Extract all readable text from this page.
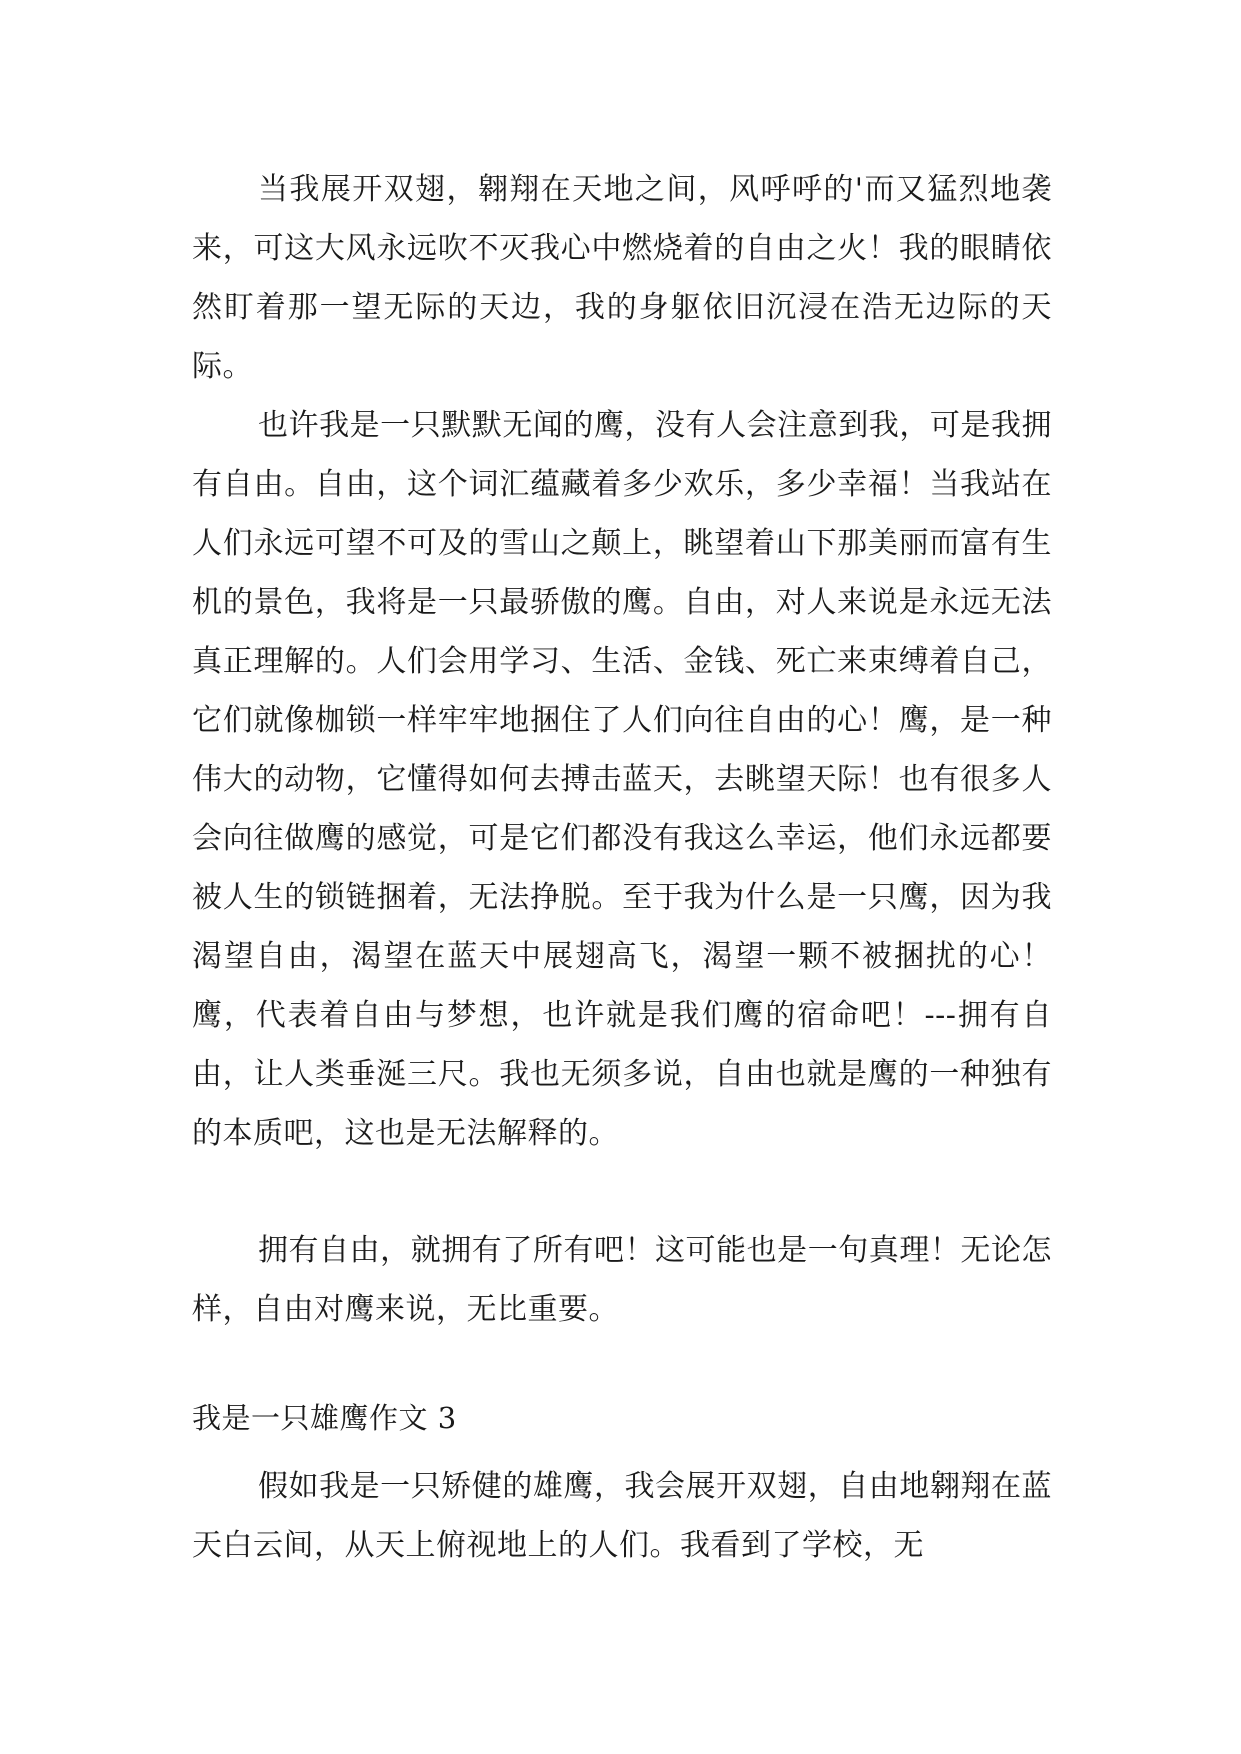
当我展开双翅，翱翔在天地之间，风呼呼的'而又猛烈地袭来，可这大风永远吹不灭我心中燃烧着的自由之火！我的眼睛依然盯着那一望无际的天边，我的身躯依旧沉浸在浩无边际的天际。

也许我是一只默默无闻的鹰，没有人会注意到我，可是我拥有自由。自由，这个词汇蕴藏着多少欢乐，多少幸福！当我站在人们永远可望不可及的雪山之颠上，眺望着山下那美丽而富有生机的景色，我将是一只最骄傲的鹰。自由，对人来说是永远无法真正理解的。人们会用学习、生活、金钱、死亡来束缚着自己，它们就像枷锁一样牢牢地捆住了人们向往自由的心！鹰，是一种伟大的动物，它懂得如何去搏击蓝天，去眺望天际！也有很多人会向往做鹰的感觉，可是它们都没有我这么幸运，他们永远都要被人生的锁链捆着，无法挣脱。至于我为什么是一只鹰，因为我渴望自由，渴望在蓝天中展翅高飞，渴望一颗不被捆扰的心！鹰，代表着自由与梦想，也许就是我们鹰的宿命吧！---拥有自由，让人类垂涎三尺。我也无须多说，自由也就是鹰的一种独有的本质吧，这也是无法解释的。

拥有自由，就拥有了所有吧！这可能也是一句真理！无论怎样，自由对鹰来说，无比重要。

我是一只雄鹰作文 3

假如我是一只矫健的雄鹰，我会展开双翅，自由地翱翔在蓝天白云间，从天上俯视地上的人们。我看到了学校，无
